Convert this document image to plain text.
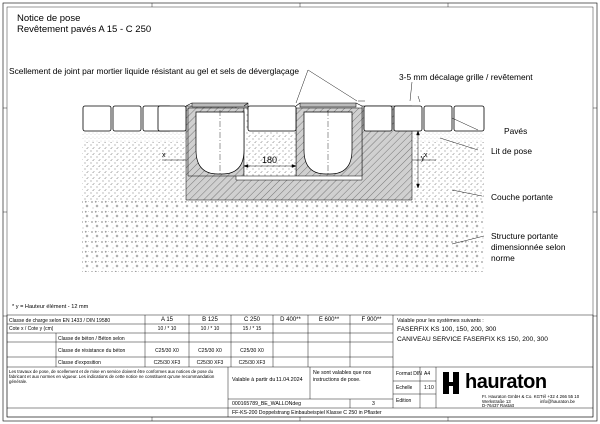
Notice de pose
Revêtement pavés A 15 - C 250
Scellement de joint par mortier liquide résistant au gel et sels de déverglaçage
3-5 mm décalage grille / revêtement
Pavés
Lit de pose
Couche portante
Structure portante
dimensionnée selon
norme
180
x	x
y
* y = Hauteur élément - 12 mm
Classe de charge selon EN 1433 / DIN 19580	A 15	B 125	C 250	D 400**	E 600**	F 900**
Cote x / Cote y (cm)	10 / * 10	10 / * 10	15 / * 15
Classe de béton / Béton selon
Classe de résistance du béton	C25/30 X0	C25/30 X0	C25/30 X0
Classe d'exposition	C25/30 XF3	C25/30 XF3	C25/30 XF3
Valable pour les systèmes suivants :
FASERFIX KS 100, 150, 200, 300
CANIVEAU SERVICE FASERFIX KS 150, 200, 300
Les travaux de pose, de scellement et de mise en service doivent être conformes aux notices de pose du fabricant et aux normes en vigueur. Les indications de cette notice ne constituent qu'une recommandation générale.	Valable à partir du :
11.04.2024
Ne sont valables que nos instructions de pose.
000165789_BE_WALLONdeg	3
FF-KS-200 Doppelstrang Einbaubeispiel Klasse C 250 in Pflaster
Format DIN A4
Echelle 1:10
Edition
hauraton
Fr. Hauraton GmbH & Co. KG
Werkstraße 13
D-76437 Rastatt
Tél +32 4 266 55 10
info@hauraton.be
